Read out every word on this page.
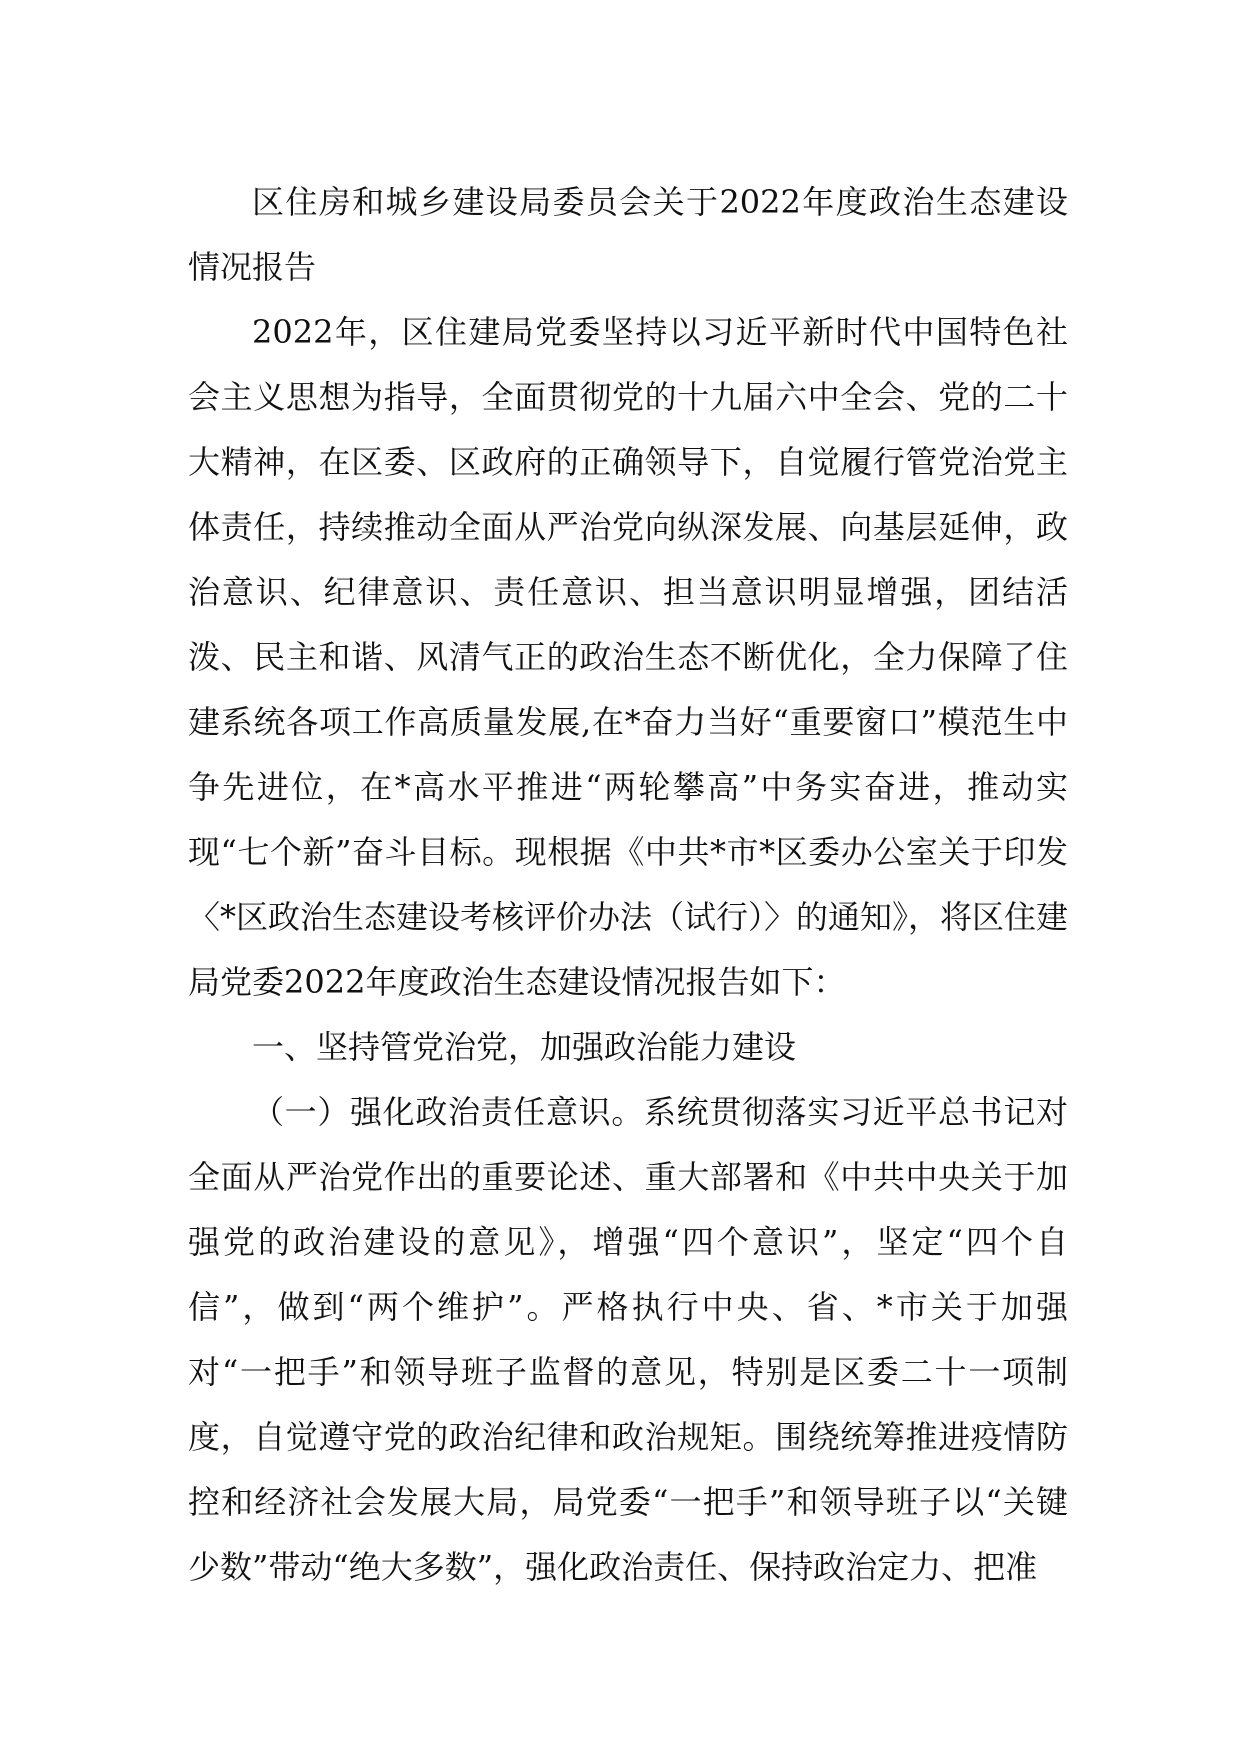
区住房和城乡建设局委员会关于2022年度政治生态建设情况报告

2022年，区住建局党委坚持以习近平新时代中国特色社会主义思想为指导，全面贯彻党的十九届六中全会、党的二十大精神，在区委、区政府的正确领导下，自觉履行管党治党主体责任，持续推动全面从严治党向纵深发展、向基层延伸，政治意识、纪律意识、责任意识、担当意识明显增强，团结活泼、民主和谐、风清气正的政治生态不断优化，全力保障了住建系统各项工作高质量发展,在*奋力当好“重要窗口”模范生中争先进位，在*高水平推进“两轮攀高”中务实奋进，推动实现“七个新”奋斗目标。现根据《中共*市*区委办公室关于印发〈*区政治生态建设考核评价办法（试行）〉的通知》，将区住建局党委2022年度政治生态建设情况报告如下：

一、坚持管党治党，加强政治能力建设

（一）强化政治责任意识。系统贯彻落实习近平总书记对全面从严治党作出的重要论述、重大部署和《中共中央关于加强党的政治建设的意见》，增强“四个意识”，坚定“四个自信”，做到“两个维护”。严格执行中央、省、*市关于加强对“一把手”和领导班子监督的意见，特别是区委二十一项制度，自觉遵守党的政治纪律和政治规矩。围绕统筹推进疫情防控和经济社会发展大局，局党委“一把手”和领导班子以“关键少数”带动“绝大多数”，强化政治责任、保持政治定力、把准
